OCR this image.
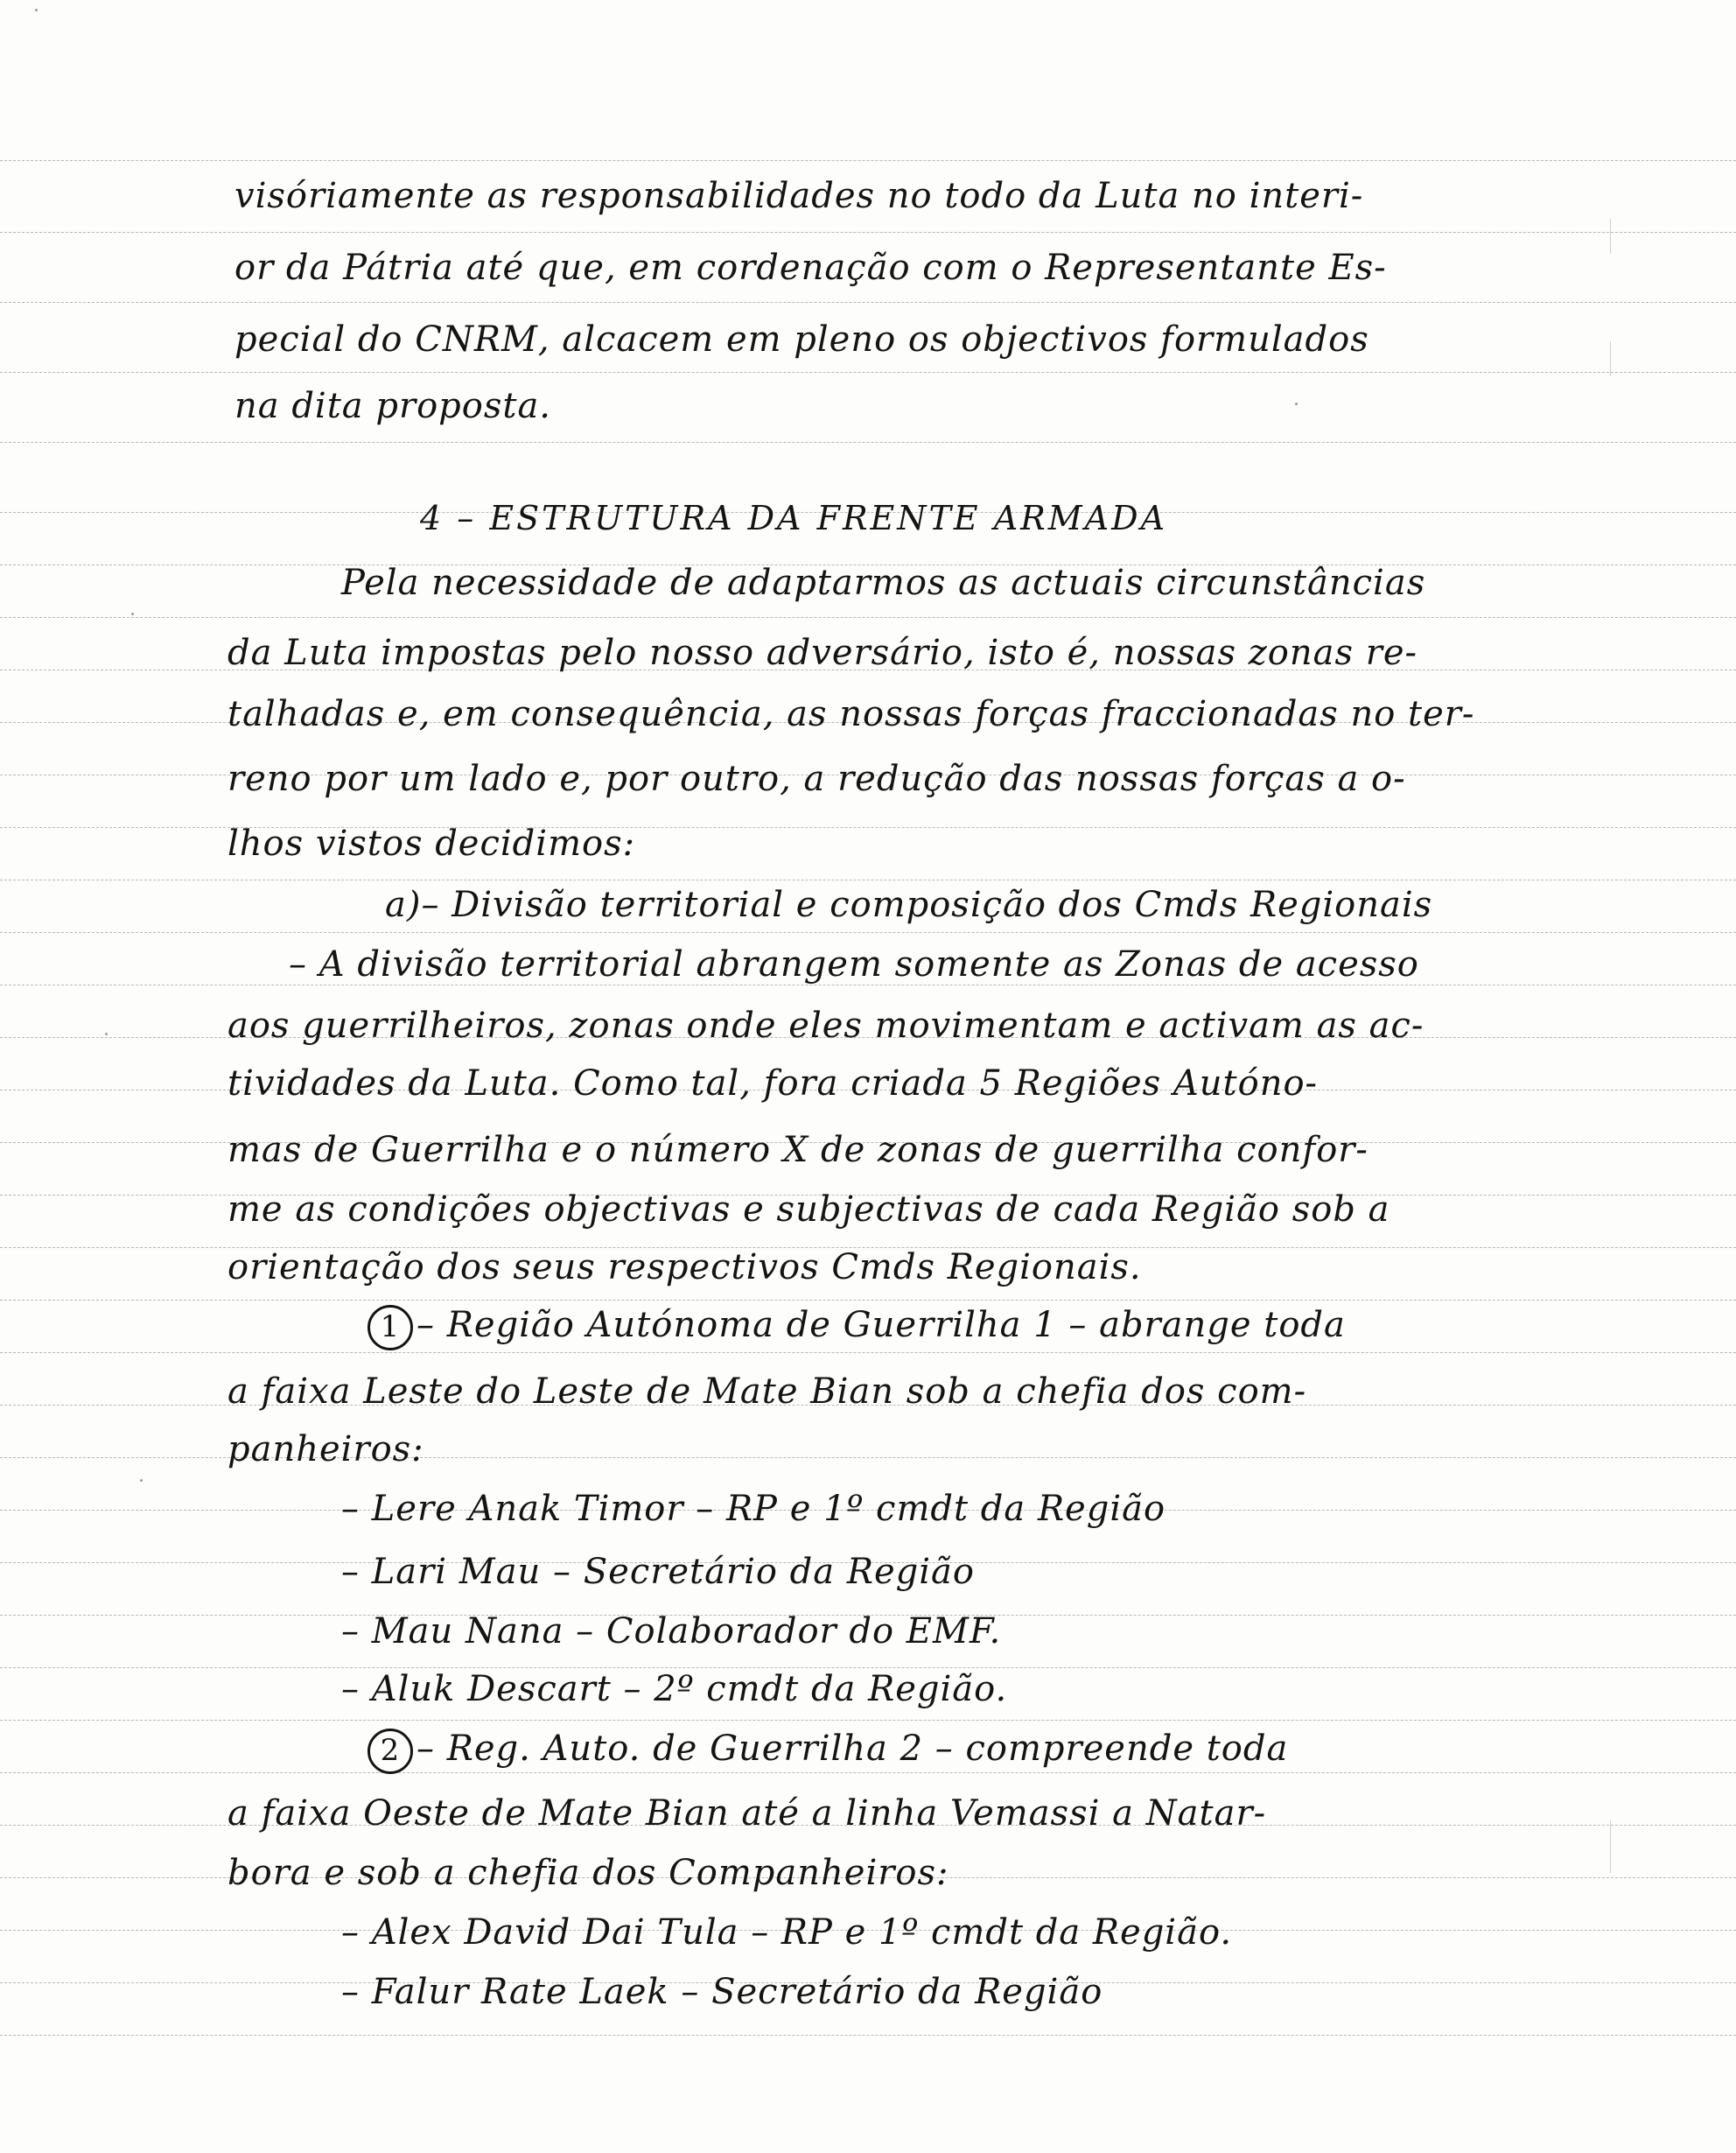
visóriamente as responsabilidades no todo da Luta no interi-
or da Pátria até que, em cordenação com o Representante Es-
pecial do CNRM, alcacem em pleno os objectivos formulados
na dita proposta.
4 – ESTRUTURA DA FRENTE ARMADA
Pela necessidade de adaptarmos as actuais circunstâncias
da Luta impostas pelo nosso adversário, isto é, nossas zonas re-
talhadas e, em consequência, as nossas forças fraccionadas no ter-
reno por um lado e, por outro, a redução das nossas forças a o-
lhos vistos decidimos:
a)– Divisão territorial e composição dos Cmds Regionais
– A divisão territorial abrangem somente as Zonas de acesso
aos guerrilheiros, zonas onde eles movimentam e activam as ac-
tividades da Luta. Como tal, fora criada 5 Regiões Autóno-
mas de Guerrilha e o número X de zonas de guerrilha confor-
me as condições objectivas e subjectivas de cada Região sob a
orientação dos seus respectivos Cmds Regionais.
1 – Região Autónoma de Guerrilha 1 – abrange toda
a faixa Leste do Leste de Mate Bian sob a chefia dos com-
panheiros:
– Lere Anak Timor – RP e 1º cmdt da Região
– Lari Mau – Secretário da Região
– Mau Nana – Colaborador do EMF.
– Aluk Descart – 2º cmdt da Região.
2 – Reg. Auto. de Guerrilha 2 – compreende toda
a faixa Oeste de Mate Bian até a linha Vemassi a Natar-
bora e sob a chefia dos Companheiros:
– Alex David Dai Tula – RP e 1º cmdt da Região.
– Falur Rate Laek – Secretário da Região
